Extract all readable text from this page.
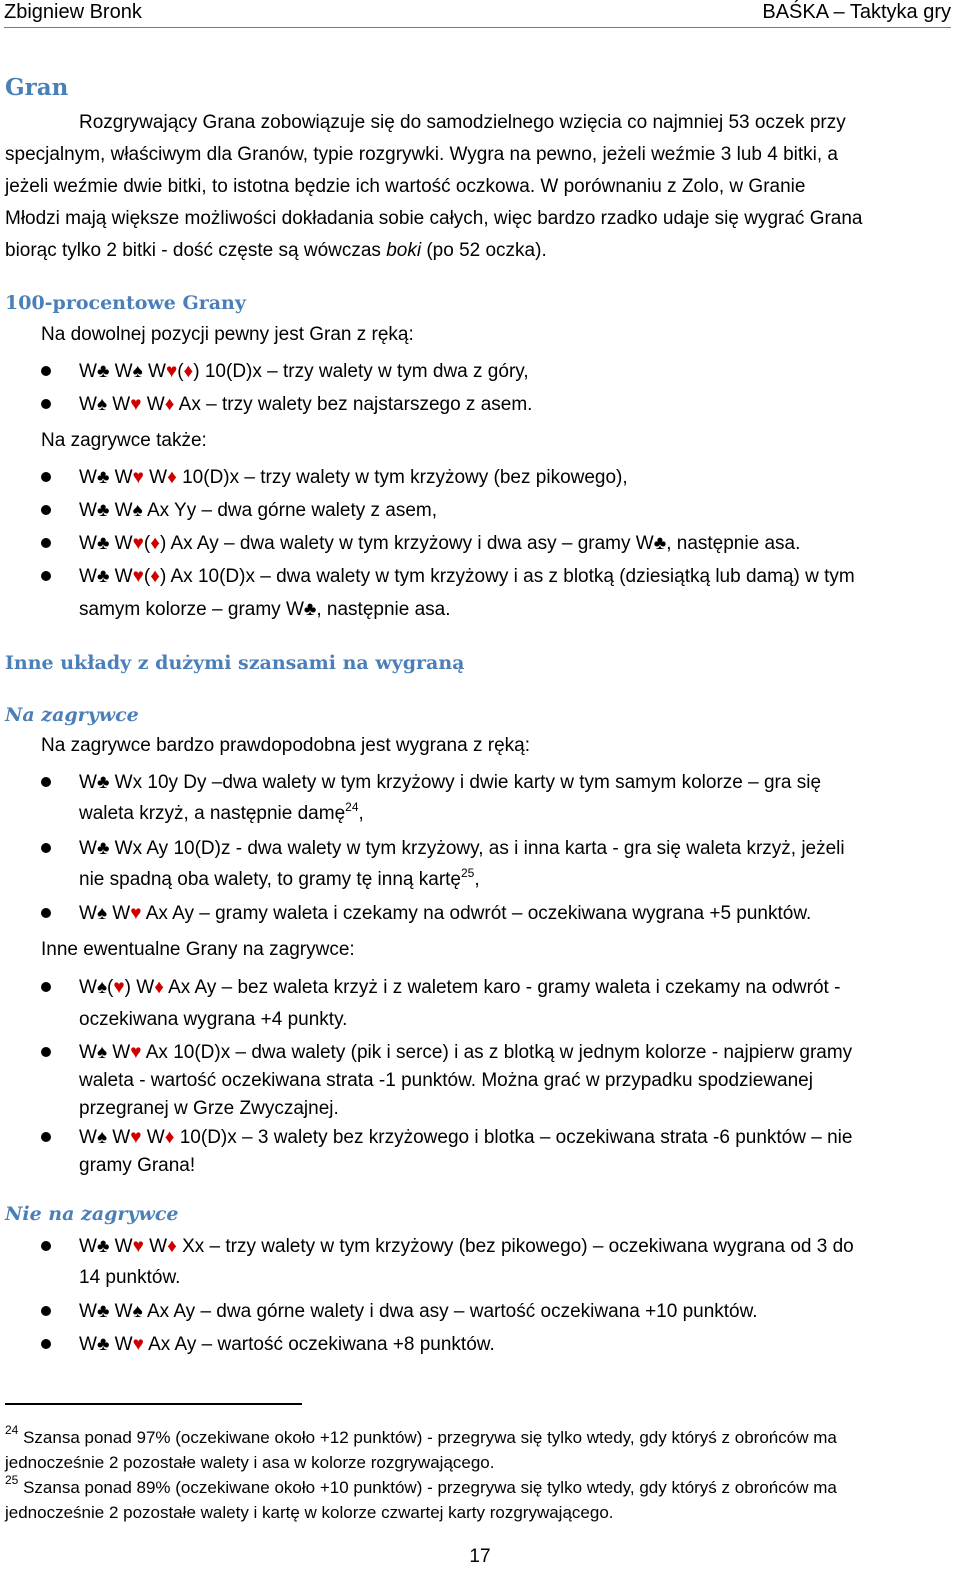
Zbigniew Bronk	BAŚKA – Taktyka gry
Gran
Rozgrywający Grana zobowiązuje się do samodzielnego wzięcia co najmniej 53 oczek przy
specjalnym, właściwym dla Granów, typie rozgrywki. Wygra na pewno, jeżeli weźmie 3 lub 4 bitki, a
jeżeli weźmie dwie bitki, to istotna będzie ich wartość oczkowa. W porównaniu z Zolo, w Granie
Młodzi mają większe możliwości dokładania sobie całych, więc bardzo rzadko udaje się wygrać Grana
biorąc tylko 2 bitki - dość częste są wówczas boki (po 52 oczka).
100-procentowe Grany
Na dowolnej pozycji pewny jest Gran z ręką:
W♣ W♠ W♥(♦) 10(D)x – trzy walety w tym dwa z góry,
W♠ W♥ W♦ Ax – trzy walety bez najstarszego z asem.
Na zagrywce także:
W♣ W♥ W♦ 10(D)x – trzy walety w tym krzyżowy (bez pikowego),
W♣ W♠ Ax Yy – dwa górne walety z asem,
W♣ W♥(♦) Ax Ay – dwa walety w tym krzyżowy i dwa asy – gramy W♣, następnie asa.
W♣ W♥(♦) Ax 10(D)x – dwa walety w tym krzyżowy i as z blotką (dziesiątką lub damą) w tym
samym kolorze – gramy W♣, następnie asa.
Inne układy z dużymi szansami na wygraną
Na zagrywce
Na zagrywce bardzo prawdopodobna jest wygrana z ręką:
W♣ Wx 10y Dy –dwa walety w tym krzyżowy i dwie karty w tym samym kolorze – gra się
waleta krzyż, a następnie damę$^{24}$,
W♣ Wx Ay 10(D)z - dwa walety w tym krzyżowy, as i inna karta - gra się waleta krzyż, jeżeli
nie spadną oba walety, to gramy tę inną kartę$^{25}$,
W♠ W♥ Ax Ay – gramy waleta i czekamy na odwrót – oczekiwana wygrana +5 punktów.
Inne ewentualne Grany na zagrywce:
W♠(♥) W♦ Ax Ay – bez waleta krzyż i z waletem karo - gramy waleta i czekamy na odwrót -
oczekiwana wygrana +4 punkty.
W♠ W♥ Ax 10(D)x – dwa walety (pik i serce) i as z blotką w jednym kolorze - najpierw gramy
waleta - wartość oczekiwana strata -1 punktów. Można grać w przypadku spodziewanej
przegranej w Grze Zwyczajnej.
W♠ W♥ W♦ 10(D)x – 3 walety bez krzyżowego i blotka – oczekiwana strata -6 punktów – nie
gramy Grana!
Nie na zagrywce
W♣ W♥ W♦ Xx – trzy walety w tym krzyżowy (bez pikowego) – oczekiwana wygrana od 3 do
14 punktów.
W♣ W♠ Ax Ay – dwa górne walety i dwa asy – wartość oczekiwana +10 punktów.
W♣ W♥ Ax Ay – wartość oczekiwana +8 punktów.
$^{24}$ Szansa ponad 97% (oczekiwane około +12 punktów) - przegrywa się tylko wtedy, gdy któryś z obrońców ma
jednocześnie 2 pozostałe walety i asa w kolorze rozgrywającego.
$^{25}$ Szansa ponad 89% (oczekiwane około +10 punktów) - przegrywa się tylko wtedy, gdy któryś z obrońców ma
jednocześnie 2 pozostałe walety i kartę w kolorze czwartej karty rozgrywającego.
17
